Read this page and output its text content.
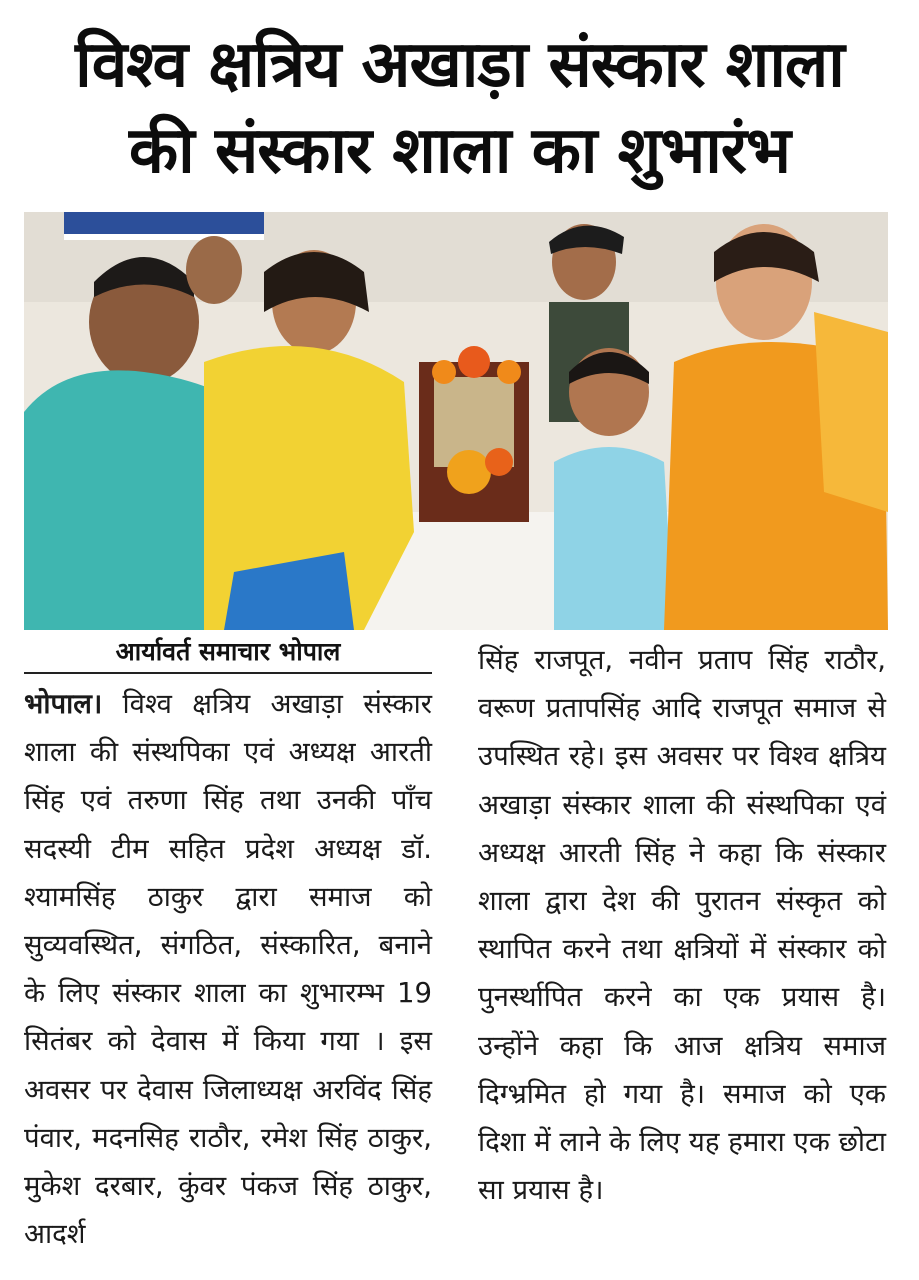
विश्व क्षत्रिय अखाड़ा संस्कार शाला
की संस्कार शाला का शुभारंभ
आर्यावर्त समाचार भोपाल

भोपाल। विश्व क्षत्रिय अखाड़ा संस्कार शाला की संस्थपिका एवं अध्यक्ष आरती सिंह एवं तरुणा सिंह तथा उनकी पाँच सदस्यी टीम सहित प्रदेश अध्यक्ष डॉ. श्यामसिंह ठाकुर द्वारा समाज को सुव्यवस्थित, संगठित, संस्कारित, बनाने के लिए संस्कार शाला का शुभारम्भ 19 सितंबर को देवास में किया गया । इस अवसर पर देवास जिलाध्यक्ष अरविंद सिंह पंवार, मदनसिह राठौर, रमेश सिंह ठाकुर, मुकेश दरबार, कुंवर पंकज सिंह ठाकुर, आदर्श

सिंह राजपूत, नवीन प्रताप सिंह राठौर, वरूण प्रतापसिंह आदि राजपूत समाज से उपस्थित रहे। इस अवसर पर विश्व क्षत्रिय अखाड़ा संस्कार शाला की संस्थपिका एवं अध्यक्ष आरती सिंह ने कहा कि संस्कार शाला द्वारा देश की पुरातन संस्कृत को स्थापित करने तथा क्षत्रियों में संस्कार को पुनर्स्थापित करने का एक प्रयास है। उन्होंने कहा कि आज क्षत्रिय समाज दिग्भ्रमित हो गया है। समाज को एक दिशा में लाने के लिए यह हमारा एक छोटा सा प्रयास है।
